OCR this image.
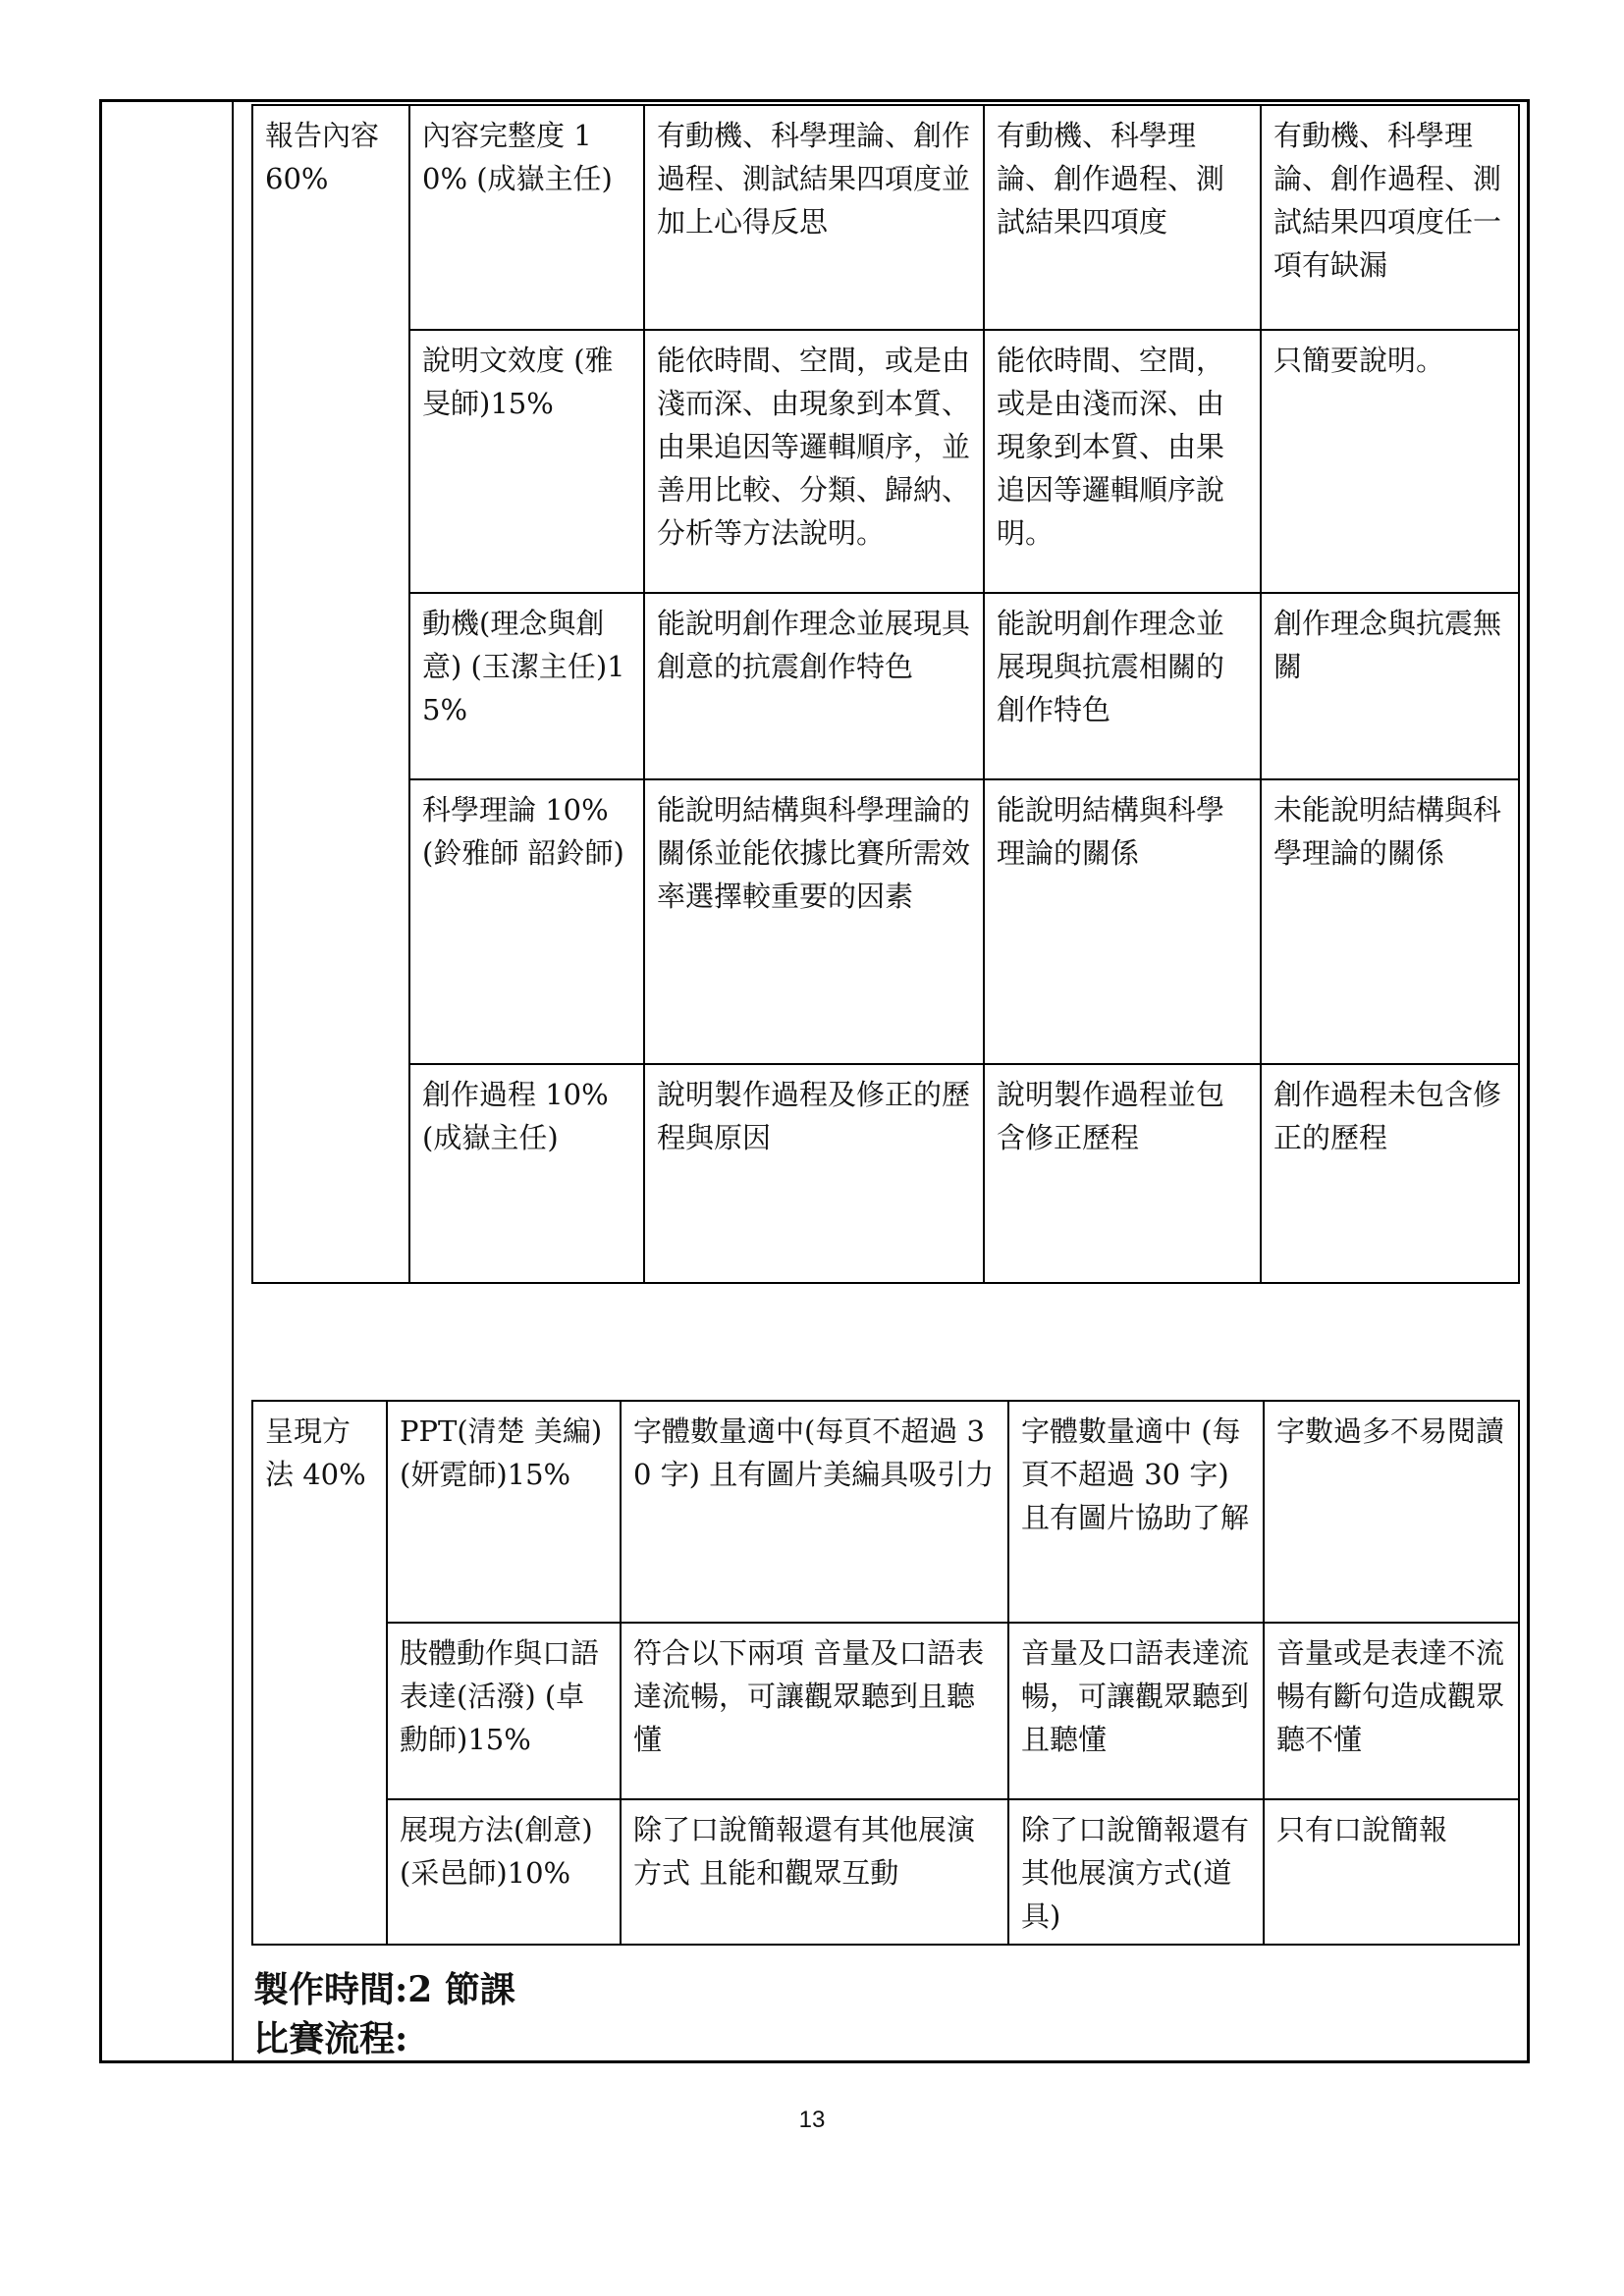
報告內容 60%	內容完整度 10% (成嶽主任)	有動機、科學理論、創作過程、測試結果四項度並加上心得反思	有動機、科學理論、創作過程、測試結果四項度	有動機、科學理論、創作過程、測試結果四項度任一項有缺漏
	說明文效度 (雅旻師)15%	能依時間、空間，或是由淺而深、由現象到本質、由果追因等邏輯順序，並善用比較、分類、歸納、分析等方法說明。	能依時間、空間，或是由淺而深、由現象到本質、由果追因等邏輯順序說明。	只簡要說明。
	動機(理念與創意) (玉潔主任)15%	能說明創作理念並展現具創意的抗震創作特色	能說明創作理念並展現與抗震相關的創作特色	創作理念與抗震無關
	科學理論 10% (鈴雅師 韶鈴師)	能說明結構與科學理論的關係並能依據比賽所需效率選擇較重要的因素	能說明結構與科學理論的關係	未能說明結構與科學理論的關係
	創作過程 10% (成嶽主任)	說明製作過程及修正的歷程與原因	說明製作過程並包含修正歷程	創作過程未包含修正的歷程
呈現方法 40%	PPT(清楚 美編) (妍霓師)15%	字體數量適中(每頁不超過 30 字) 且有圖片美編具吸引力	字體數量適中 (每頁不超過 30 字) 且有圖片協助了解	字數過多不易閱讀
	肢體動作與口語表達(活潑) (卓勳師)15%	符合以下兩項 音量及口語表達流暢，可讓觀眾聽到且聽懂	音量及口語表達流暢，可讓觀眾聽到且聽懂	音量或是表達不流暢有斷句造成觀眾聽不懂
	展現方法(創意) (采邑師)10%	除了口說簡報還有其他展演方式 且能和觀眾互動	除了口說簡報還有其他展演方式(道具)	只有口說簡報
製作時間:2 節課
比賽流程:
13
